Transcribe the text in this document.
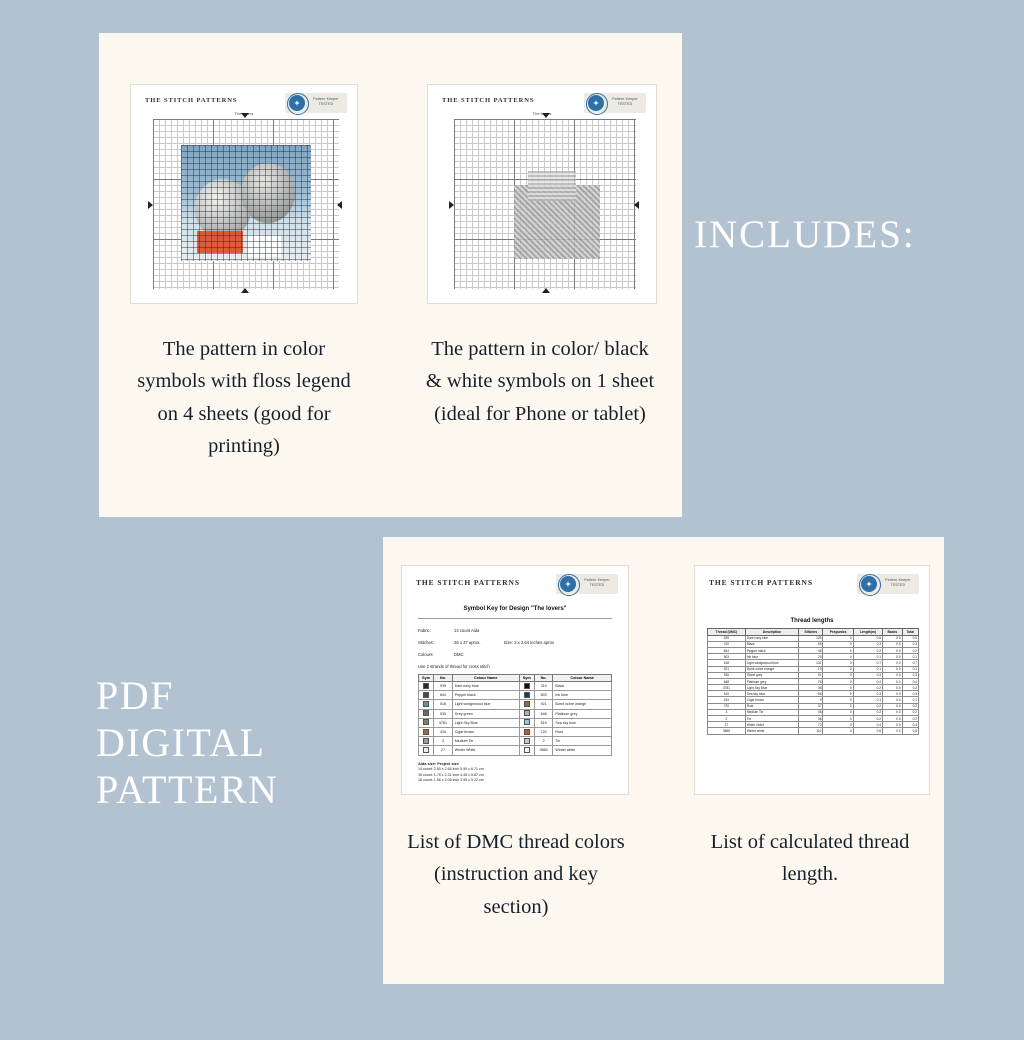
INCLUDES:
PDF
DIGITAL
PATTERN
THE STITCH PATTERNS	Pattern Keeper TESTED
The lovers
THE STITCH PATTERNS	Pattern Keeper TESTED
The lovers
The pattern in color symbols with floss legend on 4 sheets (good for printing)
The pattern in color/ black & white symbols on 1 sheet (ideal for Phone or tablet)
THE STITCH PATTERNS	Pattern Keeper TESTED
Symbol Key for Design "The lovers"
Fabric:	14 count Aida
Stitches:	26 x 37 aprox.	Size: 2 x 2.64 inches aprox
Colours:	DMC
Use 2 strands of thread for cross stitch
Sym	No.	Colour Name	Sym	No.	Colour Name
	939	Dark navy blue		310	Black
	844	Pepper black		803	Ink blue
	518	Light wedgewood blue		921	Burnt ochre orange
	535	Grey green		648	Platinum grey
	3781	Light Sky Blue		519	Sea sky blue
	434	Cigar brown		720	Rust
	3	Medium Tin		2	Tin
	27	Winter White		3865	Winter white
Aida size: Project size
14 count: 2.50 x 2.64 inch 5.90 x 6.71 cm
16 count: 1.75 x 2.31 inch 4.45 x 5.87 cm
18 count: 1.56 x 2.06 inch 3.95 x 5.22 cm
THE STITCH PATTERNS	Pattern Keeper TESTED
Thread lengths
Thread (DMC)	Description	Stitches	Pespuntes	Length(m)	Backs	Total
939	Dark navy blue	125	0	0.6	0.0	0.6
310	Black	66	0	0.3	0.0	0.3
844	Pepper black	46	0	0.2	0.0	0.2
803	Ink blue	29	0	0.1	0.0	0.1
518	Light wedgewood blue	131	0	0.7	0.0	0.7
921	Burnt ochre orange	19	0	0.1	0.0	0.1
535	Stone grey	51	0	0.3	0.0	0.3
648	Platinum grey	76	0	0.4	0.0	0.4
3781	Light Sky Blue	36	0	0.2	0.0	0.2
519	Sea sky blue	56	0	0.3	0.0	0.3
434	Cigar brown	9	0	0.1	0.0	0.1
720	Rust	37	0	0.2	0.0	0.2
3	Medium Tin	46	0	0.2	0.0	0.2
2	Tin	36	0	0.2	0.0	0.2
27	White Violet	72	0	0.4	0.0	0.4
3865	Winter white	110	0	0.6	0.0	0.6
List of DMC thread colors (instruction and key section)
List of calculated thread length.
